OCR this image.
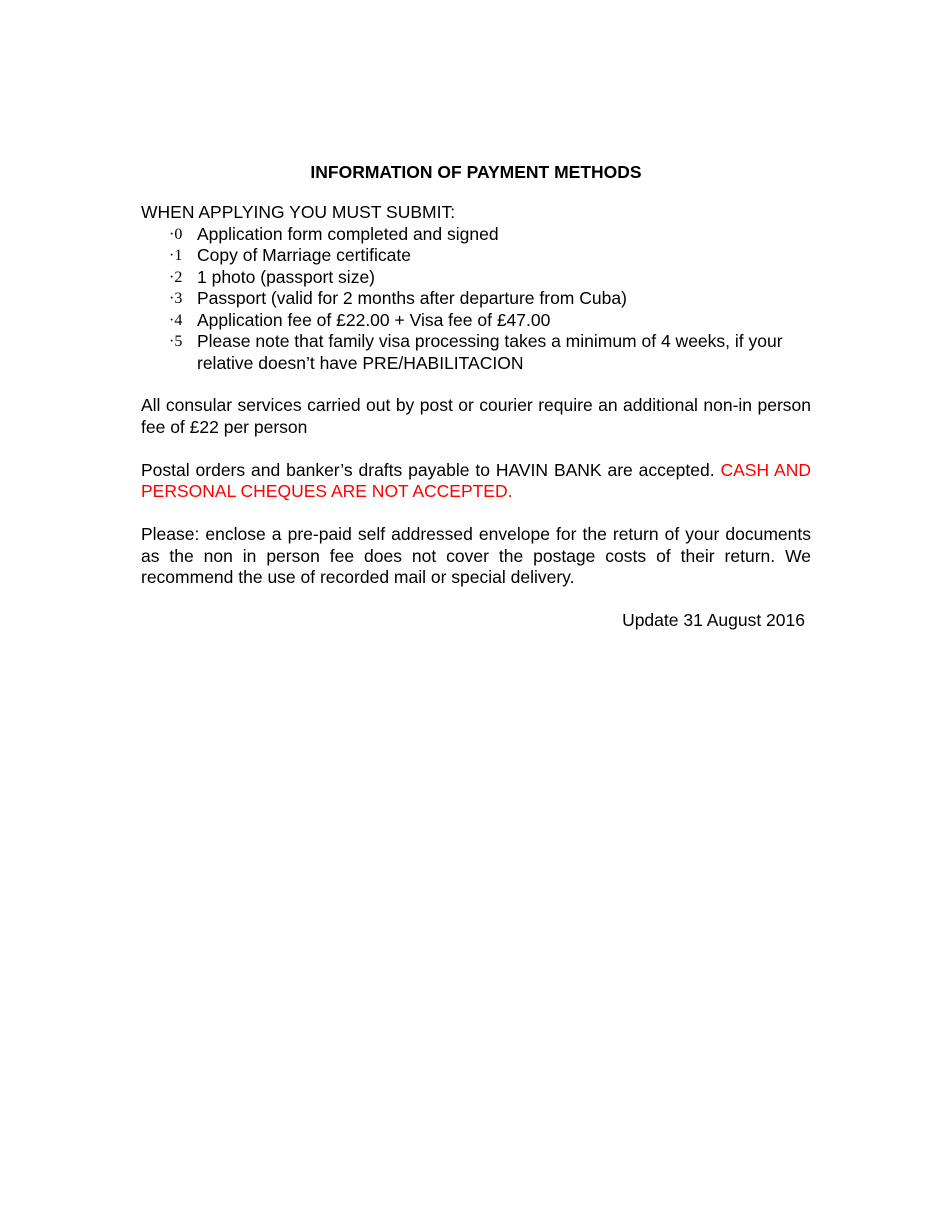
INFORMATION OF PAYMENT METHODS

WHEN APPLYING YOU MUST SUBMIT:

·0 Application form completed and signed
·1 Copy of Marriage certificate
·2 1 photo (passport size)
·3 Passport (valid for 2 months after departure from Cuba)
·4 Application fee of £22.00 + Visa fee of £47.00
·5 Please note that family visa processing takes a minimum of 4 weeks, if your relative doesn’t have PRE/HABILITACION

All consular services carried out by post or courier require an additional non-in person fee of £22 per person

Postal orders and banker’s drafts payable to HAVIN BANK are accepted. CASH AND PERSONAL CHEQUES ARE NOT ACCEPTED.

Please: enclose a pre-paid self addressed envelope for the return of your documents as the non in person fee does not cover the postage costs of their return. We recommend the use of recorded mail or special delivery.

Update 31 August 2016
